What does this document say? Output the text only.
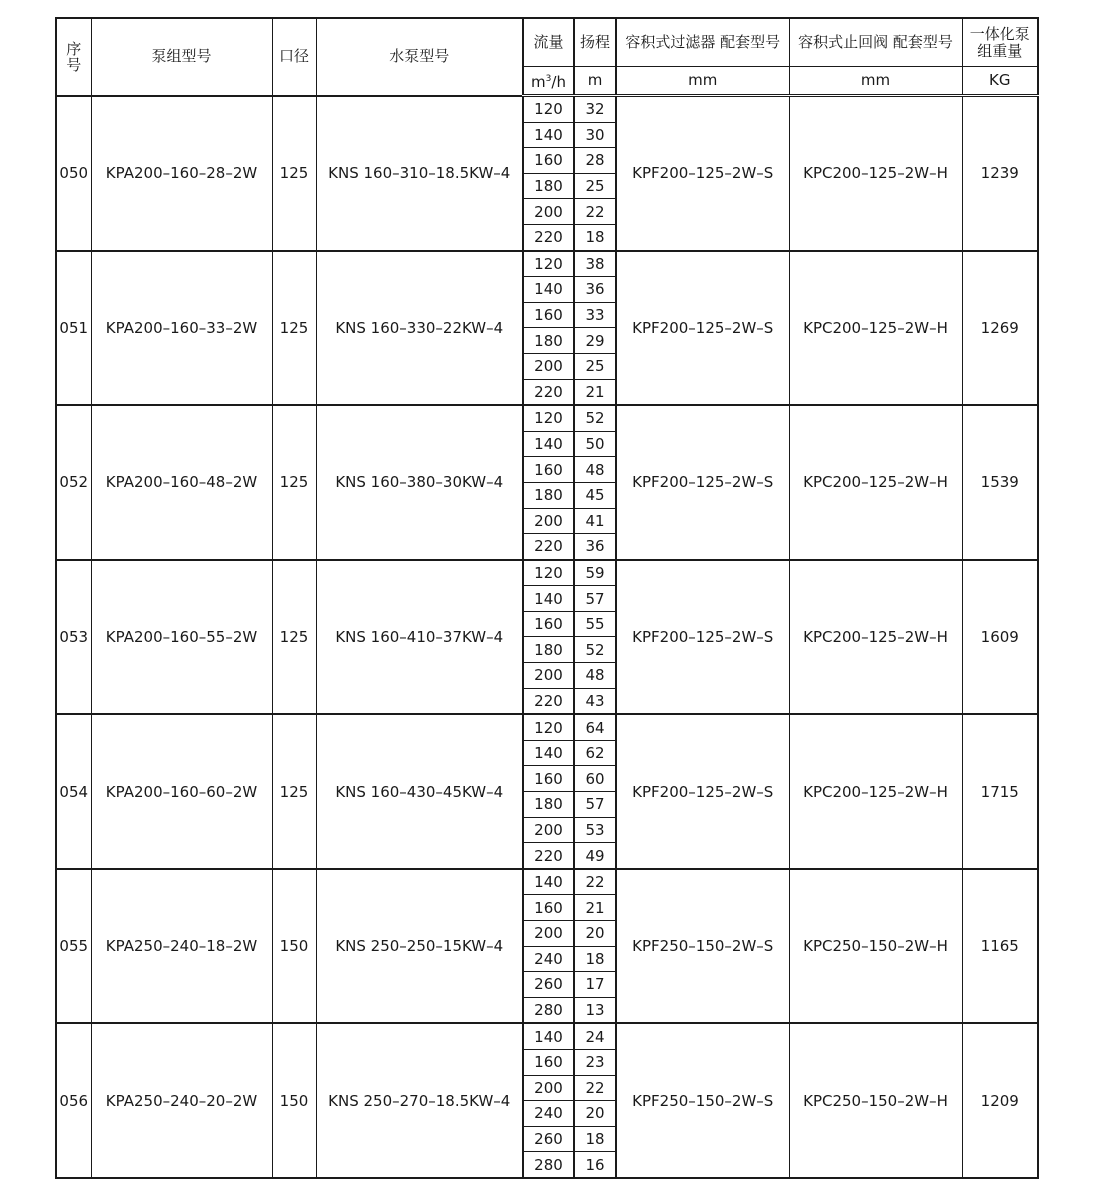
序号	泵组型号	口径	水泵型号	流量	扬程	容积式过滤器 配套型号	容积式止回阀 配套型号	一体化泵 组重量
				$m^3/h$	m	mm	mm	KG
050	KPA200–160–28–2W	125	KNS 160–310–18.5KW–4	120	32	KPF200–125–2W–S	KPC200–125–2W–H	1239
				140	30			
				160	28			
				180	25			
				200	22			
				220	18			
051	KPA200–160–33–2W	125	KNS 160–330–22KW–4	120	38	KPF200–125–2W–S	KPC200–125–2W–H	1269
				140	36			
				160	33			
				180	29			
				200	25			
				220	21			
052	KPA200–160–48–2W	125	KNS 160–380–30KW–4	120	52	KPF200–125–2W–S	KPC200–125–2W–H	1539
				140	50			
				160	48			
				180	45			
				200	41			
				220	36			
053	KPA200–160–55–2W	125	KNS 160–410–37KW–4	120	59	KPF200–125–2W–S	KPC200–125–2W–H	1609
				140	57			
				160	55			
				180	52			
				200	48			
				220	43			
054	KPA200–160–60–2W	125	KNS 160–430–45KW–4	120	64	KPF200–125–2W–S	KPC200–125–2W–H	1715
				140	62			
				160	60			
				180	57			
				200	53			
				220	49			
055	KPA250–240–18–2W	150	KNS 250–250–15KW–4	140	22	KPF250–150–2W–S	KPC250–150–2W–H	1165
				160	21			
				200	20			
				240	18			
				260	17			
				280	13			
056	KPA250–240–20–2W	150	KNS 250–270–18.5KW–4	140	24	KPF250–150–2W–S	KPC250–150–2W–H	1209
				160	23			
				200	22			
				240	20			
				260	18			
				280	16			
